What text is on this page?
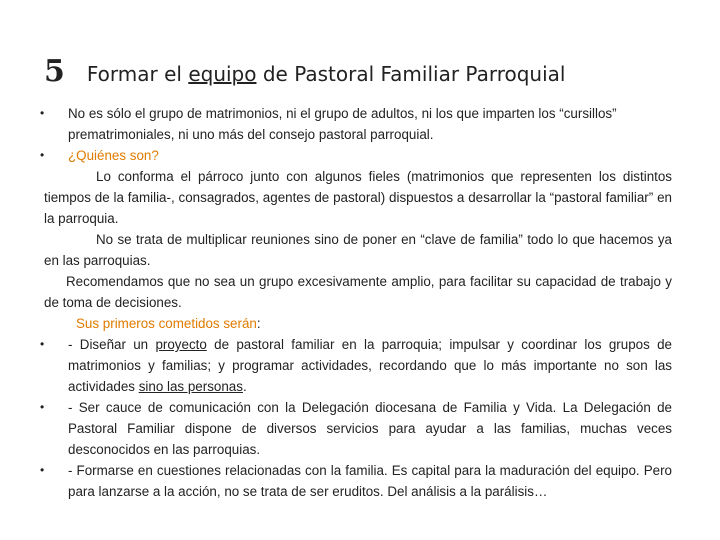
5 Formar el equipo de Pastoral Familiar Parroquial
• No es sólo el grupo de matrimonios, ni el grupo de adultos, ni los que imparten los “cursillos” prematrimoniales, ni uno más del consejo pastoral parroquial.

• ¿Quiénes son?

Lo conforma el párroco junto con algunos fieles (matrimonios que representen los distintos tiempos de la familia-, consagrados, agentes de pastoral) dispuestos a desarrollar la “pastoral familiar” en la parroquia.

No se trata de multiplicar reuniones sino de poner en “clave de familia” todo lo que hacemos ya en las parroquias.

Recomendamos que no sea un grupo excesivamente amplio, para facilitar su capacidad de trabajo y de toma de decisiones.

Sus primeros cometidos serán:

• - Diseñar un proyecto de pastoral familiar en la parroquia; impulsar y coordinar los grupos de matrimonios y familias; y programar actividades, recordando que lo más importante no son las actividades sino las personas.

• - Ser cauce de comunicación con la Delegación diocesana de Familia y Vida. La Delegación de Pastoral Familiar dispone de diversos servicios para ayudar a las familias, muchas veces desconocidos en las parroquias.

• - Formarse en cuestiones relacionadas con la familia. Es capital para la maduración del equipo. Pero para lanzarse a la acción, no se trata de ser eruditos. Del análisis a la parálisis…
